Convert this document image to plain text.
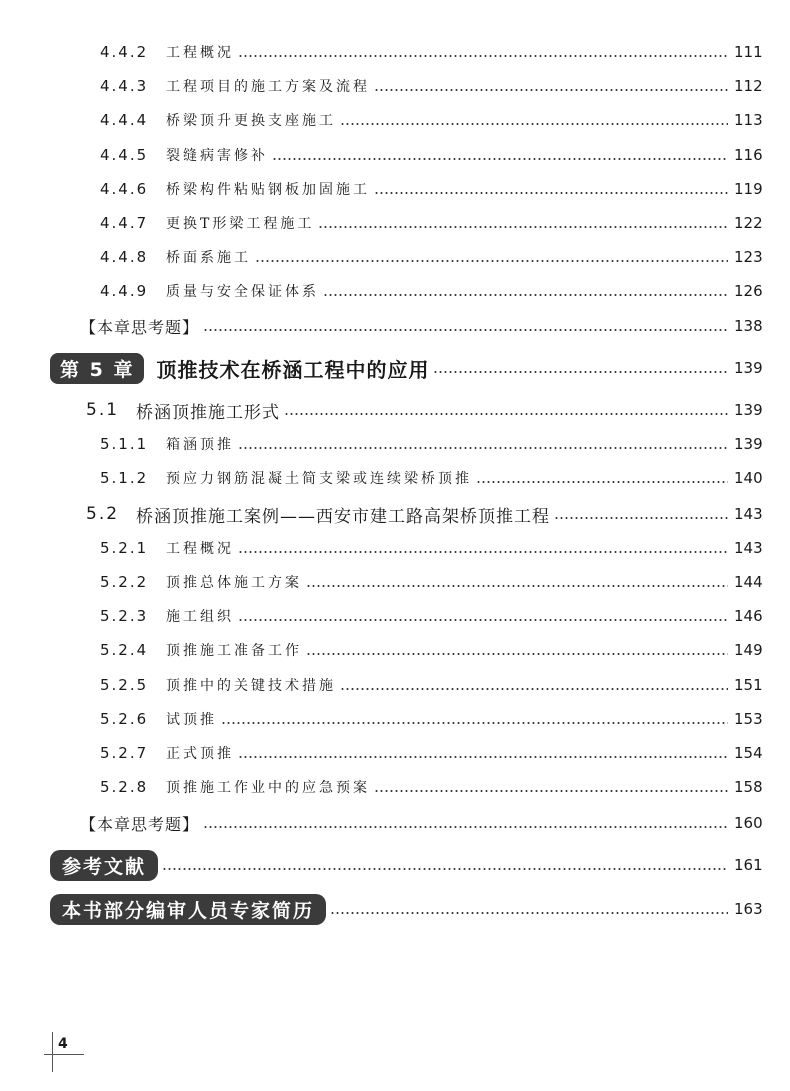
4.4.2	工程概况	111
4.4.3	工程项目的施工方案及流程	112
4.4.4	桥梁顶升更换支座施工	113
4.4.5	裂缝病害修补	116
4.4.6	桥梁构件粘贴钢板加固施工	119
4.4.7	更换T形梁工程施工	122
4.4.8	桥面系施工	123
4.4.9	质量与安全保证体系	126
【本章思考题】	138
第 5 章	顶推技术在桥涵工程中的应用	139
5.1 桥涵顶推施工形式	139
5.1.1	箱涵顶推	139
5.1.2	预应力钢筋混凝土简支梁或连续梁桥顶推	140
5.2 桥涵顶推施工案例——西安市建工路高架桥顶推工程	143
5.2.1	工程概况	143
5.2.2	顶推总体施工方案	144
5.2.3	施工组织	146
5.2.4	顶推施工准备工作	149
5.2.5	顶推中的关键技术措施	151
5.2.6	试顶推	153
5.2.7	正式顶推	154
5.2.8	顶推施工作业中的应急预案	158
【本章思考题】	160
参考文献	161
本书部分编审人员专家简历	163
4
